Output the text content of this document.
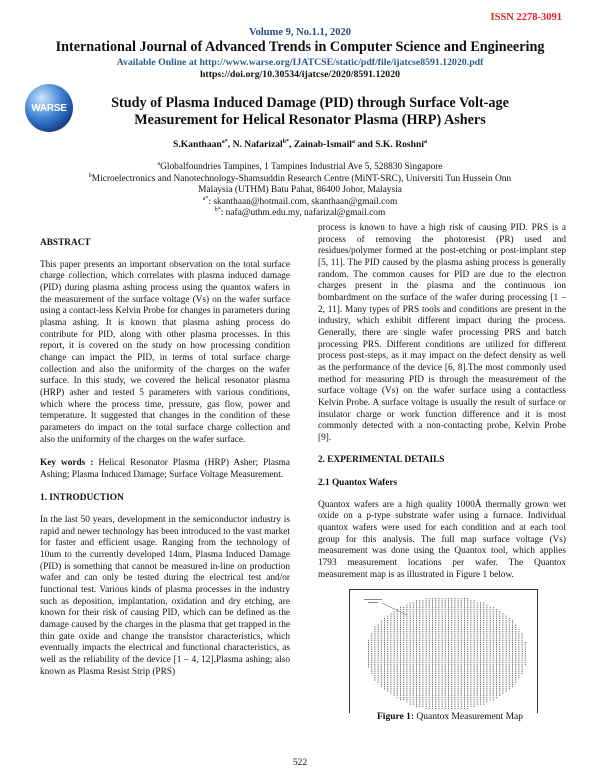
ISSN 2278-3091
Volume 9, No.1.1, 2020
International Journal of Advanced Trends in Computer Science and Engineering
Available Online at http://www.warse.org/IJATCSE/static/pdf/file/ijatcse8591.12020.pdf
https://doi.org/10.30534/ijatcse/2020/8591.12020
WARSE	Study of Plasma Induced Damage (PID) through Surface Volt-age
Measurement for Helical Resonator Plasma (HRP) Ashers
S.Kanthaan$^{a*}$, N. Nafarizal$^{b*}$, Zainab-Ismail$^a$ and S.K. Roshni$^a$
$^a$Globalfoundries Tampines, 1 Tampines Industrial Ave 5, 528830 Singapore
$^b$Microelectronics and Nanotechnology-Shamsuddin Research Centre (MiNT-SRC), Universiti Tun Hussein Onn
Malaysia (UTHM) Batu Pahat, 86400 Johor, Malaysia
$^{a*}$: skanthaan@hotmail.com, skanthaan@gmail.com
$^{b*}$: nafa@uthm.edu.my, nafarizal@gmail.com

ABSTRACT

This paper presents an important observation on the total surface charge collection, which correlates with plasma induced damage (PID) during plasma ashing process using the quantox wafers in the measurement of the surface voltage (Vs) on the wafer surface using a contact-less Kelvin Probe for changes in parameters during plasma ashing. It is known that plasma ashing process do contribute for PID, along with other plasma processes. In this report, it is covered on the study on how processing condition change can impact the PID, in terms of total surface charge collection and also the uniformity of the charges on the wafer surface. In this study, we covered the helical resonator plasma (HRP) asher and tested 5 parameters with various conditions, which where the process time, pressure, gas flow, power and temperature. It suggested that changes in the condition of these parameters do impact on the total surface charge collection and also the uniformity of the charges on the wafer surface.

Key words : Helical Resonator Plasma (HRP) Asher; Plasma Ashing; Plasma Induced Damage; Surface Voltage Measurement.

1. INTRODUCTION

In the last 50 years, development in the semiconductor industry is rapid and newer technology has been introduced to the vast market for faster and efficient usage. Ranging from the technology of 10um to the currently developed 14nm, Plasma Induced Damage (PID) is something that cannot be measured in-line on production wafer and can only be tested during the electrical test and/or functional test. Various kinds of plasma processes in the industry such as deposition, implantation, oxidation and dry etching, are known for their risk of causing PID, which can be defined as the damage caused by the charges in the plasma that get trapped in the thin gate oxide and change the transistor characteristics, which eventually impacts the electrical and functional characteristics, as well as the reliability of the device [1 – 4, 12].Plasma ashing; also known as Plasma Resist Strip (PRS)

process is known to have a high risk of causing PID. PRS is a process of removing the photoresist (PR) used and residues/polymer formed at the post-etching or post-implant step [5, 11]. The PID caused by the plasma ashing process is generally random. The common causes for PID are due to the electron charges present in the plasma and the continuous ion bombardment on the surface of the wafer during processing [1 – 2, 11]. Many types of PRS tools and conditions are present in the industry, which exhibit different impact during the process. Generally, there are single wafer processing PRS and batch processing PRS. Different conditions are utilized for different process post-steps, as it may impact on the defect density as well as the performance of the device [6, 8].The most commonly used method for measuring PID is through the measurement of the surface voltage (Vs) on the wafer surface using a contactless Kelvin Probe. A surface voltage is usually the result of surface or insulator charge or work function difference and it is most commonly detected with a non-contacting probe, Kelvin Probe [9].

2. EXPERIMENTAL DETAILS

2.1 Quantox Wafers

Quantox wafers are a high quality 1000Å thermally grown wet oxide on a p-type substrate wafer using a furnace. Individual quantox wafers were used for each condition and at each tool group for this analysis. The full map surface voltage (Vs) measurement was done using the Quantox tool, which applies 1793 measurement locations per wafer. The Quantox measurement map is as illustrated in Figure 1 below.

Figure 1: Quantox Measurement Map
522
